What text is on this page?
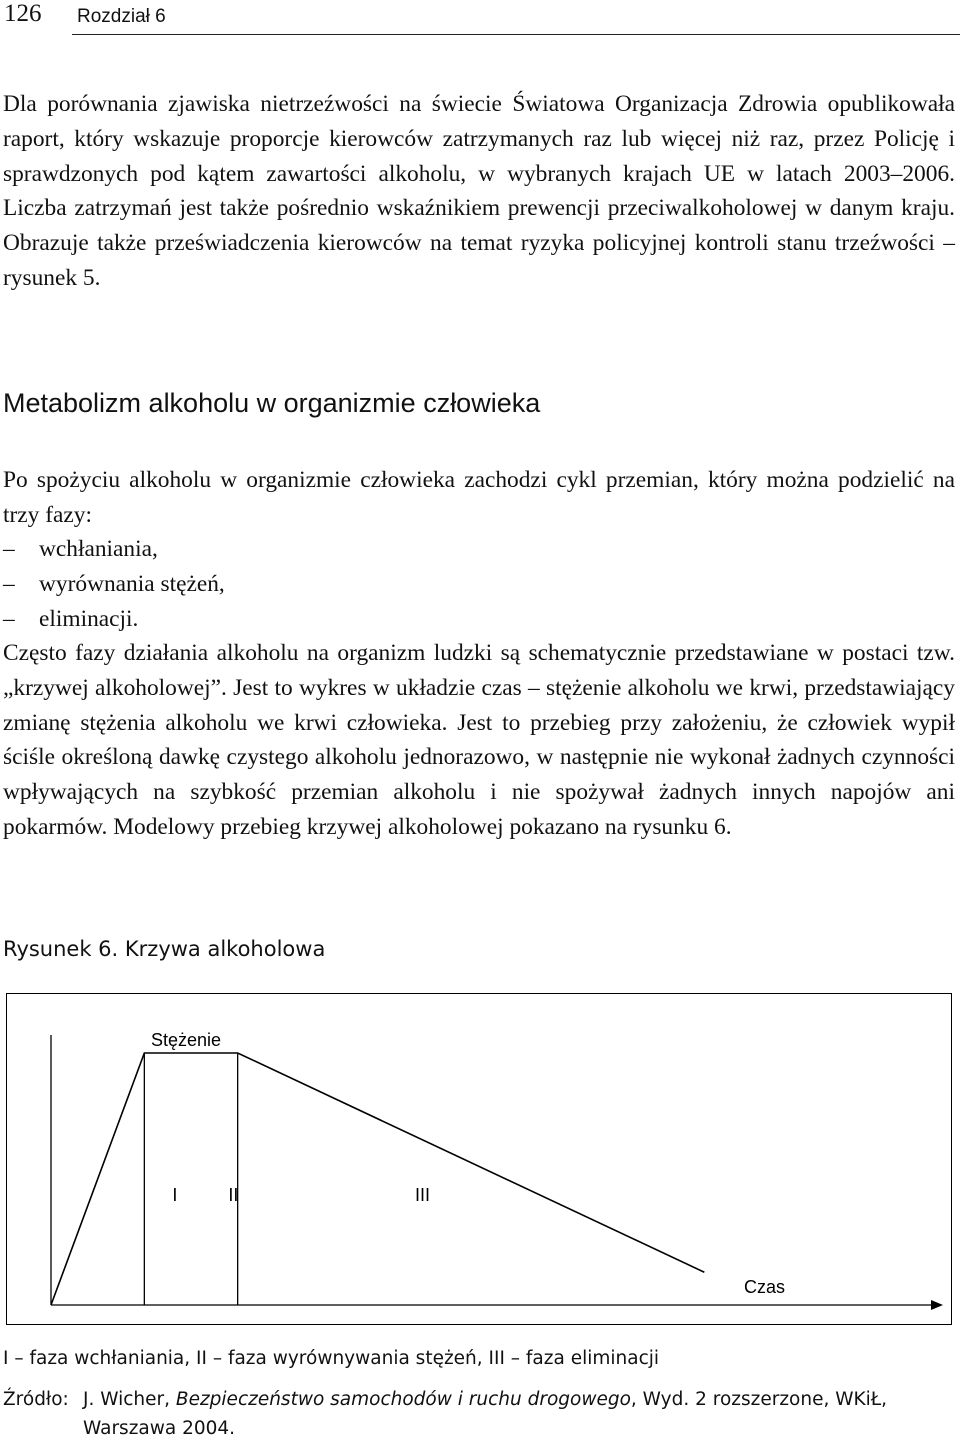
126 Rozdział 6

Dla porównania zjawiska nietrzeźwości na świecie Światowa Organizacja Zdrowia opublikowała raport, który wskazuje proporcje kierowców zatrzymanych raz lub więcej niż raz, przez Policję i sprawdzonych pod kątem zawartości alkoholu, w wybranych krajach UE w latach 2003–2006. Liczba zatrzymań jest także pośrednio wskaźnikiem prewencji przeciwalkoholowej w danym kraju. Obrazuje także przeświadczenia kierowców na temat ryzyka policyjnej kontroli stanu trzeźwości – rysunek 5.

Metabolizm alkoholu w organizmie człowieka

Po spożyciu alkoholu w organizmie człowieka zachodzi cykl przemian, który można podzielić na trzy fazy:

– wchłaniania,
– wyrównania stężeń,
– eliminacji.

Często fazy działania alkoholu na organizm ludzki są schematycznie przedstawiane w postaci tzw. „krzywej alkoholowej”. Jest to wykres w układzie czas – stężenie alkoholu we krwi, przedstawiający zmianę stężenia alkoholu we krwi człowieka. Jest to przebieg przy założeniu, że człowiek wypił ściśle określoną dawkę czystego alkoholu jednorazowo, w następnie nie wykonał żadnych czynności wpływających na szybkość przemian alkoholu i nie spożywał żadnych innych napojów ani pokarmów. Modelowy przebieg krzywej alkoholowej pokazano na rysunku 6.

Rysunek 6. Krzywa alkoholowa
Stężenie
Czas
I	II	III
I – faza wchłaniania, II – faza wyrównywania stężeń, III – faza eliminacji
Źródło: J. Wicher, Bezpieczeństwo samochodów i ruchu drogowego, Wyd. 2 rozszerzone, WKiŁ,
Warszawa 2004.
